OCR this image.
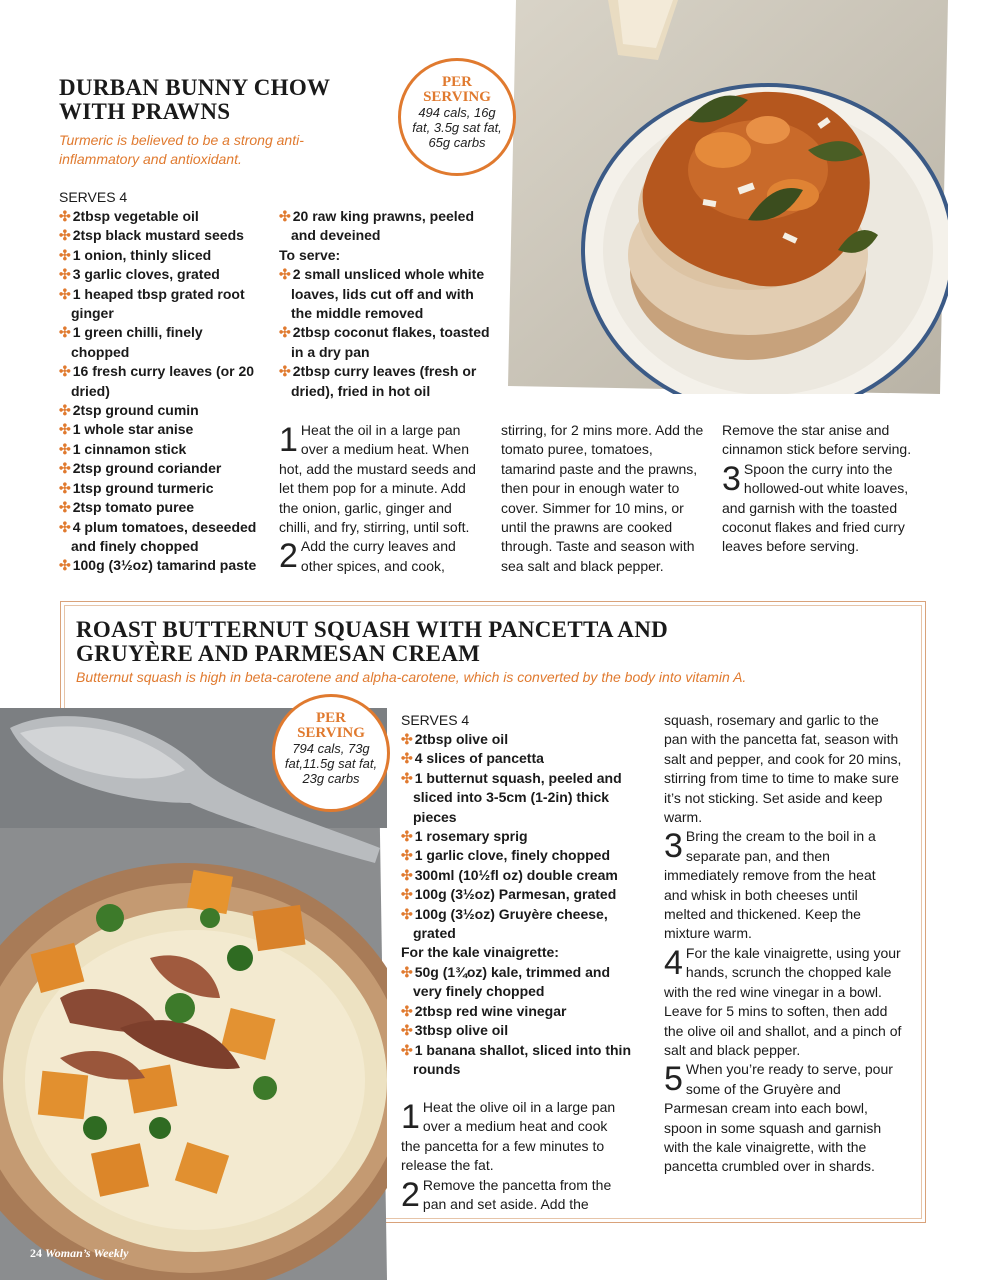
DURBAN BUNNY CHOW
WITH PRAWNS
Turmeric is believed to be a strong anti-inflammatory and antioxidant.
PER
SERVING
494 cals, 16g fat, 3.5g sat fat, 65g carbs
SERVES 4
✣ 2tbsp vegetable oil
✣ 2tsp black mustard seeds
✣ 1 onion, thinly sliced
✣ 3 garlic cloves, grated
✣ 1 heaped tbsp grated root ginger
✣ 1 green chilli, finely chopped
✣ 16 fresh curry leaves (or 20 dried)
✣ 2tsp ground cumin
✣ 1 whole star anise
✣ 1 cinnamon stick
✣ 2tsp ground coriander
✣ 1tsp ground turmeric
✣ 2tsp tomato puree
✣ 4 plum tomatoes, deseeded and finely chopped
✣ 100g (3½oz) tamarind paste
✣ 20 raw king prawns, peeled and deveined
To serve:
✣ 2 small unsliced whole white loaves, lids cut off and with the middle removed
✣ 2tbsp coconut flakes, toasted in a dry pan
✣ 2tbsp curry leaves (fresh or dried), fried in hot oil

1 Heat the oil in a large pan over a medium heat. When hot, add the mustard seeds and let them pop for a minute. Add the onion, garlic, ginger and chilli, and fry, stirring, until soft.

2 Add the curry leaves and other spices, and cook,

stirring, for 2 mins more. Add the tomato puree, tomatoes, tamarind paste and the prawns, then pour in enough water to cover. Simmer for 10 mins, or until the prawns are cooked through. Taste and season with sea salt and black pepper.

Remove the star anise and cinnamon stick before serving.

3 Spoon the curry into the hollowed-out white loaves, and garnish with the toasted coconut flakes and fried curry leaves before serving.

ROAST BUTTERNUT SQUASH WITH PANCETTA AND
GRUYÈRE AND PARMESAN CREAM
Butternut squash is high in beta-carotene and alpha-carotene, which is converted by the body into vitamin A.
PER
SERVING
794 cals, 73g fat,11.5g sat fat, 23g carbs
SERVES 4
✣ 2tbsp olive oil
✣ 4 slices of pancetta
✣ 1 butternut squash, peeled and sliced into 3-5cm (1-2in) thick pieces
✣ 1 rosemary sprig
✣ 1 garlic clove, finely chopped
✣ 300ml (10½fl oz) double cream
✣ 100g (3½oz) Parmesan, grated
✣ 100g (3½oz) Gruyère cheese, grated
For the kale vinaigrette:
✣ 50g (1¾oz) kale, trimmed and very finely chopped
✣ 2tbsp red wine vinegar
✣ 3tbsp olive oil
✣ 1 banana shallot, sliced into thin rounds

1 Heat the olive oil in a large pan over a medium heat and cook the pancetta for a few minutes to release the fat.

2 Remove the pancetta from the pan and set aside. Add the

squash, rosemary and garlic to the pan with the pancetta fat, season with salt and pepper, and cook for 20 mins, stirring from time to time to make sure it’s not sticking. Set aside and keep warm.

3 Bring the cream to the boil in a separate pan, and then immediately remove from the heat and whisk in both cheeses until melted and thickened. Keep the mixture warm.

4 For the kale vinaigrette, using your hands, scrunch the chopped kale with the red wine vinegar in a bowl. Leave for 5 mins to soften, then add the olive oil and shallot, and a pinch of salt and black pepper.

5 When you’re ready to serve, pour some of the Gruyère and Parmesan cream into each bowl, spoon in some squash and garnish with the kale vinaigrette, with the pancetta crumbled over in shards.

24 Woman’s Weekly
